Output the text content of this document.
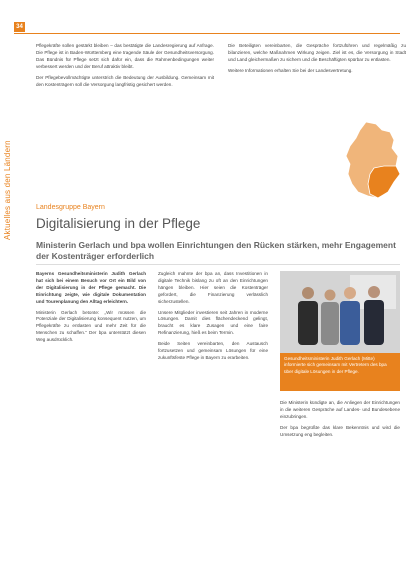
34
Aktuelles aus den Ländern

Pflegekräfte sollen gestärkt bleiben – das bestätigte die Landesregierung auf Anfrage. Die Pflege ist in Baden-Württemberg eine tragende Säule der Gesundheitsversorgung. Das Bündnis für Pflege setzt sich dafür ein, dass die Rahmenbedingungen weiter verbessert werden und der Beruf attraktiv bleibt.

Der Pflegebevollmächtigte unterstrich die Bedeutung der Ausbildung. Gemeinsam mit den Kostenträgern soll die Versorgung langfristig gesichert werden.

Die Beteiligten vereinbarten, die Gespräche fortzuführen und regelmäßig zu bilanzieren, welche Maßnahmen Wirkung zeigen. Ziel ist es, die Versorgung in Stadt und Land gleichermaßen zu sichern und die Beschäftigten spürbar zu entlasten.

Weitere Informationen erhalten Sie bei der Landesvertretung.

Landesgruppe Bayern
Digitalisierung in der Pflege
Ministerin Gerlach und bpa wollen Einrichtungen den Rücken stärken, mehr Engagement der Kostenträger erforderlich

Bayerns Gesundheitsministerin Judith Gerlach hat sich bei einem Besuch vor Ort ein Bild von der Digitalisierung in der Pflege gemacht. Die Einrichtung zeigte, wie digitale Dokumentation und Tourenplanung den Alltag erleichtern.

Ministerin Gerlach betonte: „Wir müssen die Potenziale der Digitalisierung konsequent nutzen, um Pflegekräfte zu entlasten und mehr Zeit für die Menschen zu schaffen.“ Der bpa unterstützt diesen Weg ausdrücklich.

Zugleich mahnte der bpa an, dass Investitionen in digitale Technik bislang zu oft an den Einrichtungen hängen bleiben. Hier seien die Kostenträger gefordert, die Finanzierung verlässlich sicherzustellen.

Unsere Mitglieder investieren seit Jahren in moderne Lösungen. Damit dies flächendeckend gelingt, braucht es klare Zusagen und eine faire Refinanzierung, hieß es beim Termin.

Beide Seiten vereinbarten, den Austausch fortzusetzen und gemeinsam Lösungen für eine zukunftsfeste Pflege in Bayern zu erarbeiten.	Gesundheitsministerin Judith Gerlach (Mitte) informierte sich gemeinsam mit Vertretern des bpa über digitale Lösungen in der Pflege.

Die Ministerin kündigte an, die Anliegen der Einrichtungen in die weiteren Gespräche auf Landes- und Bundesebene einzubringen.

Der bpa begrüßte das klare Bekenntnis und wird die Umsetzung eng begleiten.
